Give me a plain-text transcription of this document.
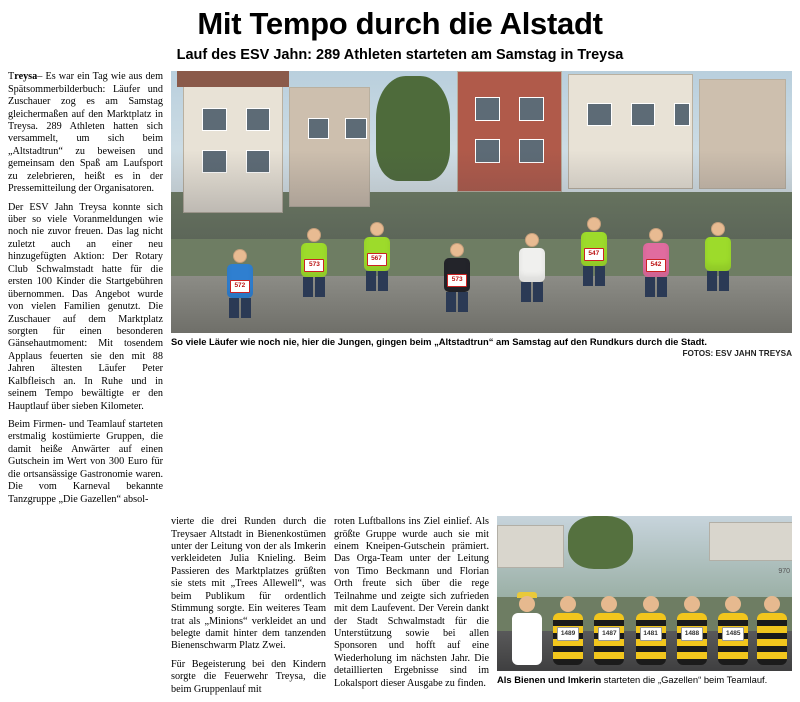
Mit Tempo durch die Alstadt
Lauf des ESV Jahn: 289 Athleten starteten am Samstag in Treysa

Treysa– Es war ein Tag wie aus dem Spätsommerbilderbuch: Läufer und Zuschauer zog es am Samstag gleichermaßen auf den Marktplatz in Treysa. 289 Athleten hatten sich versammelt, um sich beim „Altstadtrun“ zu beweisen und gemeinsam den Spaß am Laufsport zu zelebrieren, heißt es in der Pressemitteilung der Organisatoren.

Der ESV Jahn Treysa konnte sich über so viele Voranmeldungen wie noch nie zuvor freuen. Das lag nicht zuletzt auch an einer neu hinzugefügten Aktion: Der Rotary Club Schwalmstadt hatte für die ersten 100 Kinder die Startgebühren übernommen. Das Angebot wurde von vielen Familien genutzt. Die Zuschauer auf dem Marktplatz sorgten für einen besonderen Gänsehautmoment: Mit tosendem Applaus feuerten sie den mit 88 Jahren ältesten Läufer Peter Kalbfleisch an. In Ruhe und in seinem Tempo bewältigte er den Hauptlauf über sieben Kilometer.

Beim Firmen- und Teamlauf starteten erstmalig kostümierte Gruppen, die damit heiße Anwärter auf einen Gutschein im Wert von 300 Euro für die ortsansässige Gastronomie waren. Die vom Karneval bekannte Tanzgruppe „Die Gazellen“ absol-

572
573
567
573
547
542
So viele Läufer wie noch nie, hier die Jungen, gingen beim „Altstadtrun“ am Samstag auf den Rundkurs durch die Stadt.
FOTOS: ESV JAHN TREYSA

vierte die drei Runden durch die Treysaer Altstadt in Bienenkostümen unter der Leitung von der als Imkerin verkleideten Julia Knieling. Beim Passieren des Marktplatzes grüßten sie stets mit „Trees Allewell“, was beim Publikum für ordentlich Stimmung sorgte. Ein weiteres Team trat als „Minions“ verkleidet an und belegte damit hinter dem tanzenden Bienenschwarm Platz Zwei.

Für Begeisterung bei den Kindern sorgte die Feuerwehr Treysa, die beim Gruppenlauf mit

roten Luftballons ins Ziel einlief. Als größte Gruppe wurde auch sie mit einem Kneipen-Gutschein prämiert. Das Orga-Team unter der Leitung von Timo Beckmann und Florian Orth freute sich über die rege Teilnahme und zeigte sich zufrieden mit dem Laufevent. Der Verein dankt der Stadt Schwalmstadt für die Unterstützung sowie bei allen Sponsoren und hofft auf eine Wiederholung im nächsten Jahr. Die detaillierten Ergebnisse sind im Lokalsport dieser Ausgabe zu finden.

1489	1487	1481	1488	1485
Als Bienen und Imkerin starteten die „Gazellen“ beim Teamlauf.
970
